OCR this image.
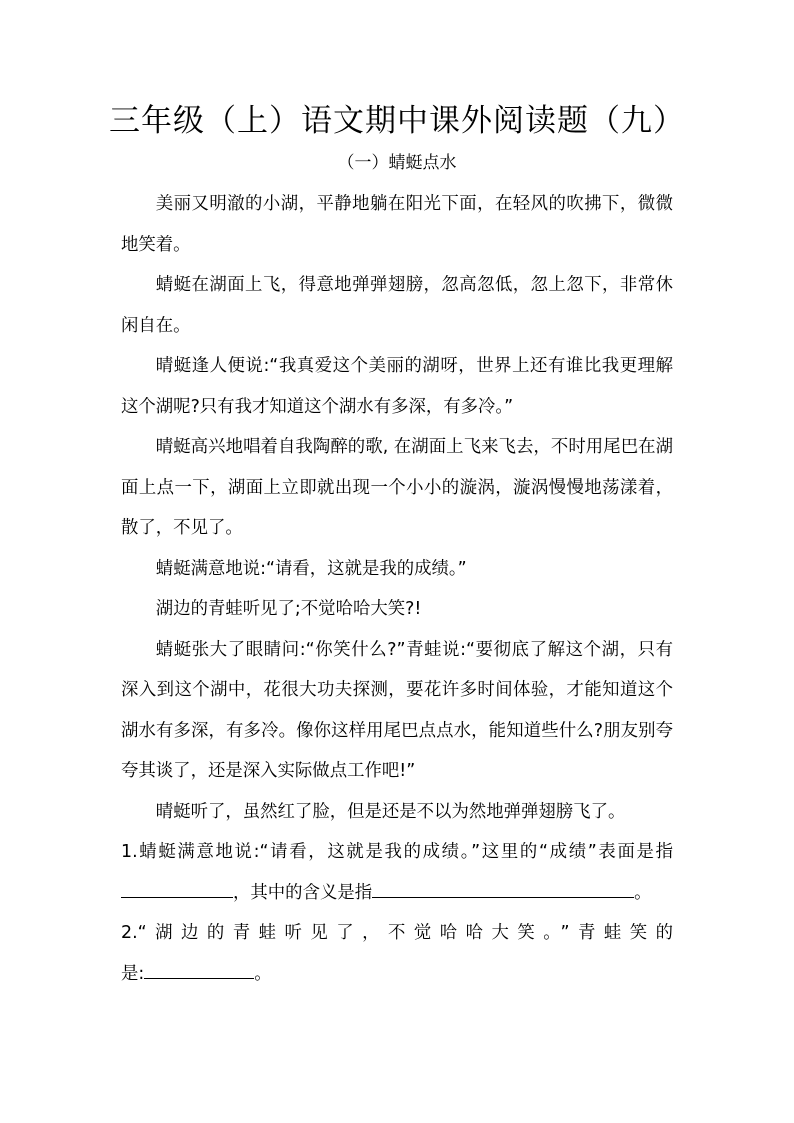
三年级（上）语文期中课外阅读题（九）
（一）蜻蜓点水

美丽又明澈的小湖，平静地躺在阳光下面，在轻风的吹拂下，微微地笑着。

蜻蜓在湖面上飞，得意地弹弹翅膀，忽高忽低，忽上忽下，非常休闲自在。

晴蜓逢人便说:“我真爱这个美丽的湖呀，世界上还有谁比我更理解这个湖呢?只有我才知道这个湖水有多深，有多冷。”

晴蜓高兴地唱着自我陶醉的歌, 在湖面上飞来飞去，不时用尾巴在湖面上点一下，湖面上立即就出现一个小小的漩涡，漩涡慢慢地荡漾着，散了，不见了。

蜻蜓满意地说:“请看，这就是我的成绩。”

湖边的青蛙听见了;不觉哈哈大笑?!

蜻蜓张大了眼睛问:“你笑什么?”青蛙说:“要彻底了解这个湖，只有深入到这个湖中，花很大功夫探测，要花许多时间体验，才能知道这个湖水有多深，有多冷。像你这样用尾巴点点水，能知道些什么?朋友别夸夸其谈了，还是深入实际做点工作吧!”

晴蜓听了，虽然红了脸，但是还是不以为然地弹弹翅膀飞了。

1.蜻蜓满意地说:“请看，这就是我的成绩。”这里的“成绩”表面是指，其中的含义是指	。

2.“湖边的青蛙听见了，不觉哈哈大笑。”青蛙笑的

是:	。
